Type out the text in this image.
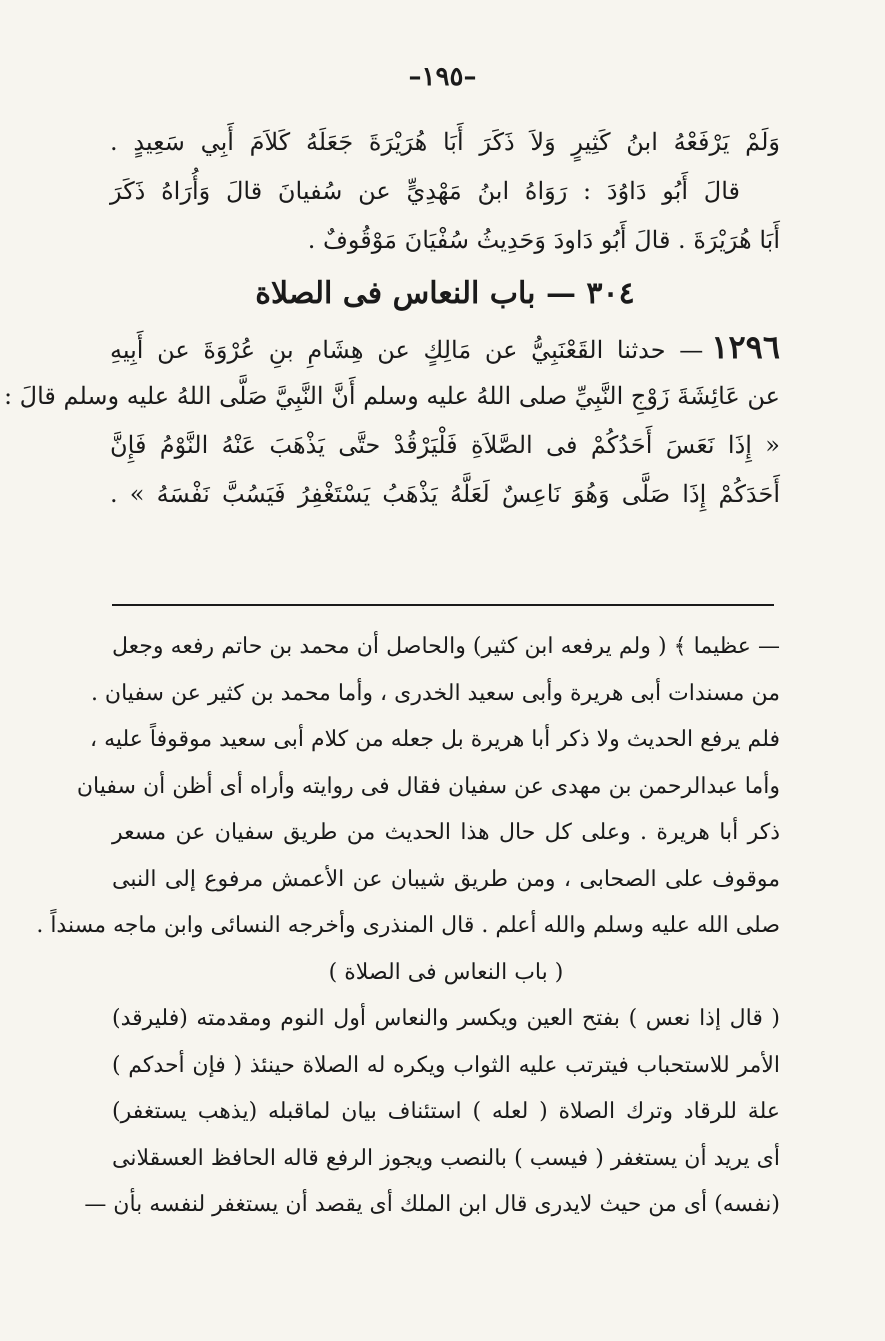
–١٩٥–
وَلَمْ يَرْفَعْهُ ابنُ كَثِيرٍ وَلاَ ذَكَرَ أَبَا هُرَيْرَةَ جَعَلَهُ كَلاَمَ أَبِي سَعِيدٍ .
قالَ أَبُو دَاوُدَ : رَوَاهُ ابنُ مَهْدِيٍّ عن سُفيانَ قالَ وَأُرَاهُ ذَكَرَ
أَبَا هُرَيْرَةَ . قالَ أَبُو دَاودَ وَحَدِيثُ سُفْيَانَ مَوْقُوفٌ .
٣٠٤ — باب النعاس فى الصلاة
١٢٩٦— حدثنا القَعْنَبِيُّ عن مَالِكٍ عن هِشَامِ بنِ عُرْوَةَ عن أَبِيهِ
عن عَائِشَةَ زَوْجِ النَّبِيِّ صلى اللهُ عليه وسلم أَنَّ النَّبِيَّ صَلَّى اللهُ عليه وسلم قالَ :
« إِذَا نَعَسَ أَحَدُكُمْ فى الصَّلاَةِ فَلْيَرْقُدْ حتَّى يَذْهَبَ عَنْهُ النَّوْمُ فَإِنَّ
أَحَدَكُمْ إِذَا صَلَّى وَهُوَ نَاعِسٌ لَعَلَّهُ يَذْهَبُ يَسْتَغْفِرُ فَيَسُبَّ نَفْسَهُ » .
— عظيما ﴾ ( ولم يرفعه ابن كثير) والحاصل أن محمد بن حاتم رفعه وجعل
من مسندات أبى هريرة وأبى سعيد الخدرى ، وأما محمد بن كثير عن سفيان .
فلم يرفع الحديث ولا ذكر أبا هريرة بل جعله من كلام أبى سعيد موقوفاً عليه ،
وأما عبدالرحمن بن مهدى عن سفيان فقال فى روايته وأراه أى أظن أن سفيان
ذكر أبا هريرة . وعلى كل حال هذا الحديث من طريق سفيان عن مسعر
موقوف على الصحابى ، ومن طريق شيبان عن الأعمش مرفوع إلى النبى
صلى الله عليه وسلم والله أعلم . قال المنذرى وأخرجه النسائى وابن ماجه مسنداً .
( باب النعاس فى الصلاة )
( قال إذا نعس ) بفتح العين ويكسر والنعاس أول النوم ومقدمته (فليرقد)
الأمر للاستحباب فيترتب عليه الثواب ويكره له الصلاة حينئذ ( فإن أحدكم )
علة للرقاد وترك الصلاة ( لعله ) استئناف بيان لماقبله (يذهب يستغفر)
أى يريد أن يستغفر ( فيسب ) بالنصب ويجوز الرفع قاله الحافظ العسقلانى
(نفسه) أى من حيث لايدرى قال ابن الملك أى يقصد أن يستغفر لنفسه بأن —
